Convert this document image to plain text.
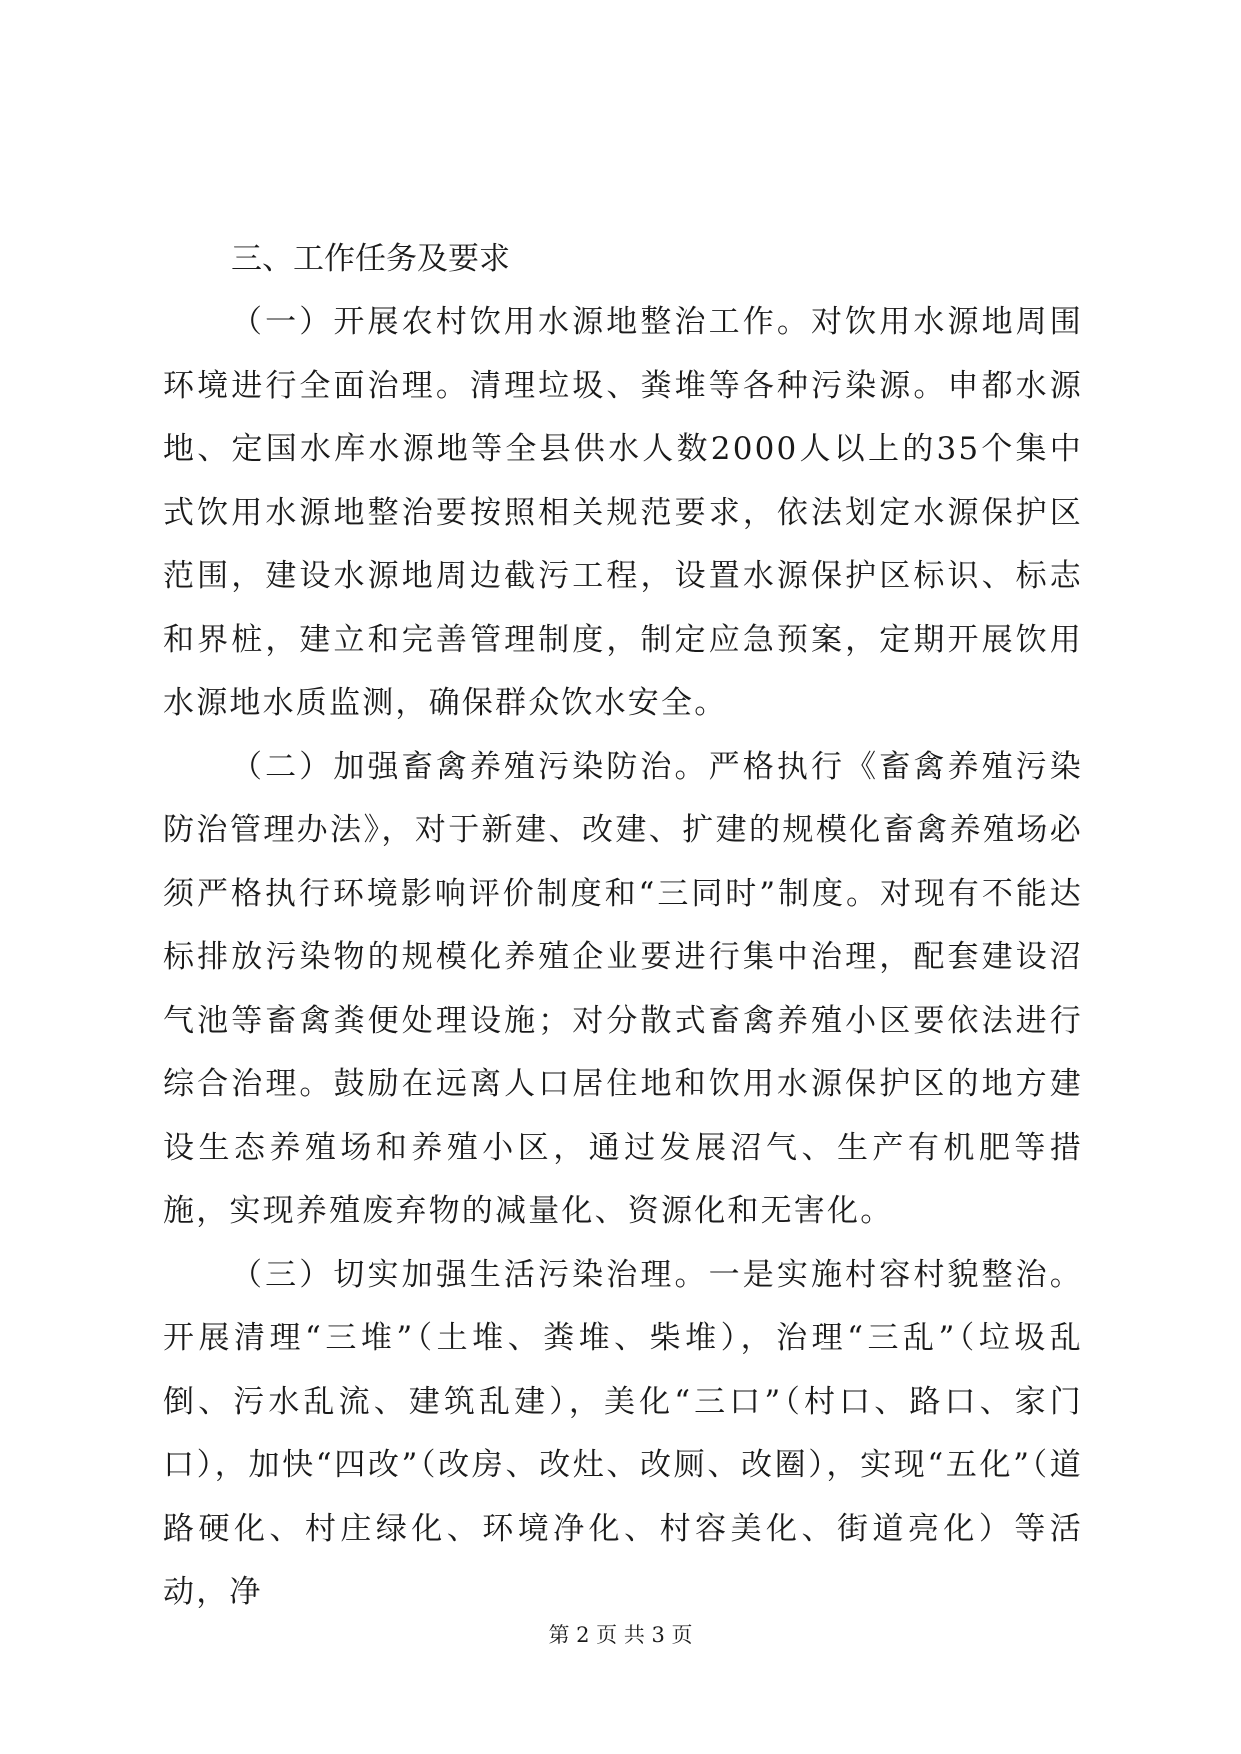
三、工作任务及要求

（一）开展农村饮用水源地整治工作。对饮用水源地周围环境进行全面治理。清理垃圾、粪堆等各种污染源。申都水源地、定国水库水源地等全县供水人数2000人以上的35个集中式饮用水源地整治要按照相关规范要求，依法划定水源保护区范围，建设水源地周边截污工程，设置水源保护区标识、标志和界桩，建立和完善管理制度，制定应急预案，定期开展饮用水源地水质监测，确保群众饮水安全。

（二）加强畜禽养殖污染防治。严格执行《畜禽养殖污染防治管理办法》，对于新建、改建、扩建的规模化畜禽养殖场必须严格执行环境影响评价制度和“三同时”制度。对现有不能达标排放污染物的规模化养殖企业要进行集中治理，配套建设沼气池等畜禽粪便处理设施；对分散式畜禽养殖小区要依法进行综合治理。鼓励在远离人口居住地和饮用水源保护区的地方建设生态养殖场和养殖小区，通过发展沼气、生产有机肥等措施，实现养殖废弃物的减量化、资源化和无害化。

（三）切实加强生活污染治理。一是实施村容村貌整治。开展清理“三堆”（土堆、粪堆、柴堆），治理“三乱”（垃圾乱倒、污水乱流、建筑乱建），美化“三口”（村口、路口、家门口），加快“四改”（改房、改灶、改厕、改圈），实现“五化”（道路硬化、村庄绿化、环境净化、村容美化、街道亮化）等活动，净

第 2 页 共 3 页
